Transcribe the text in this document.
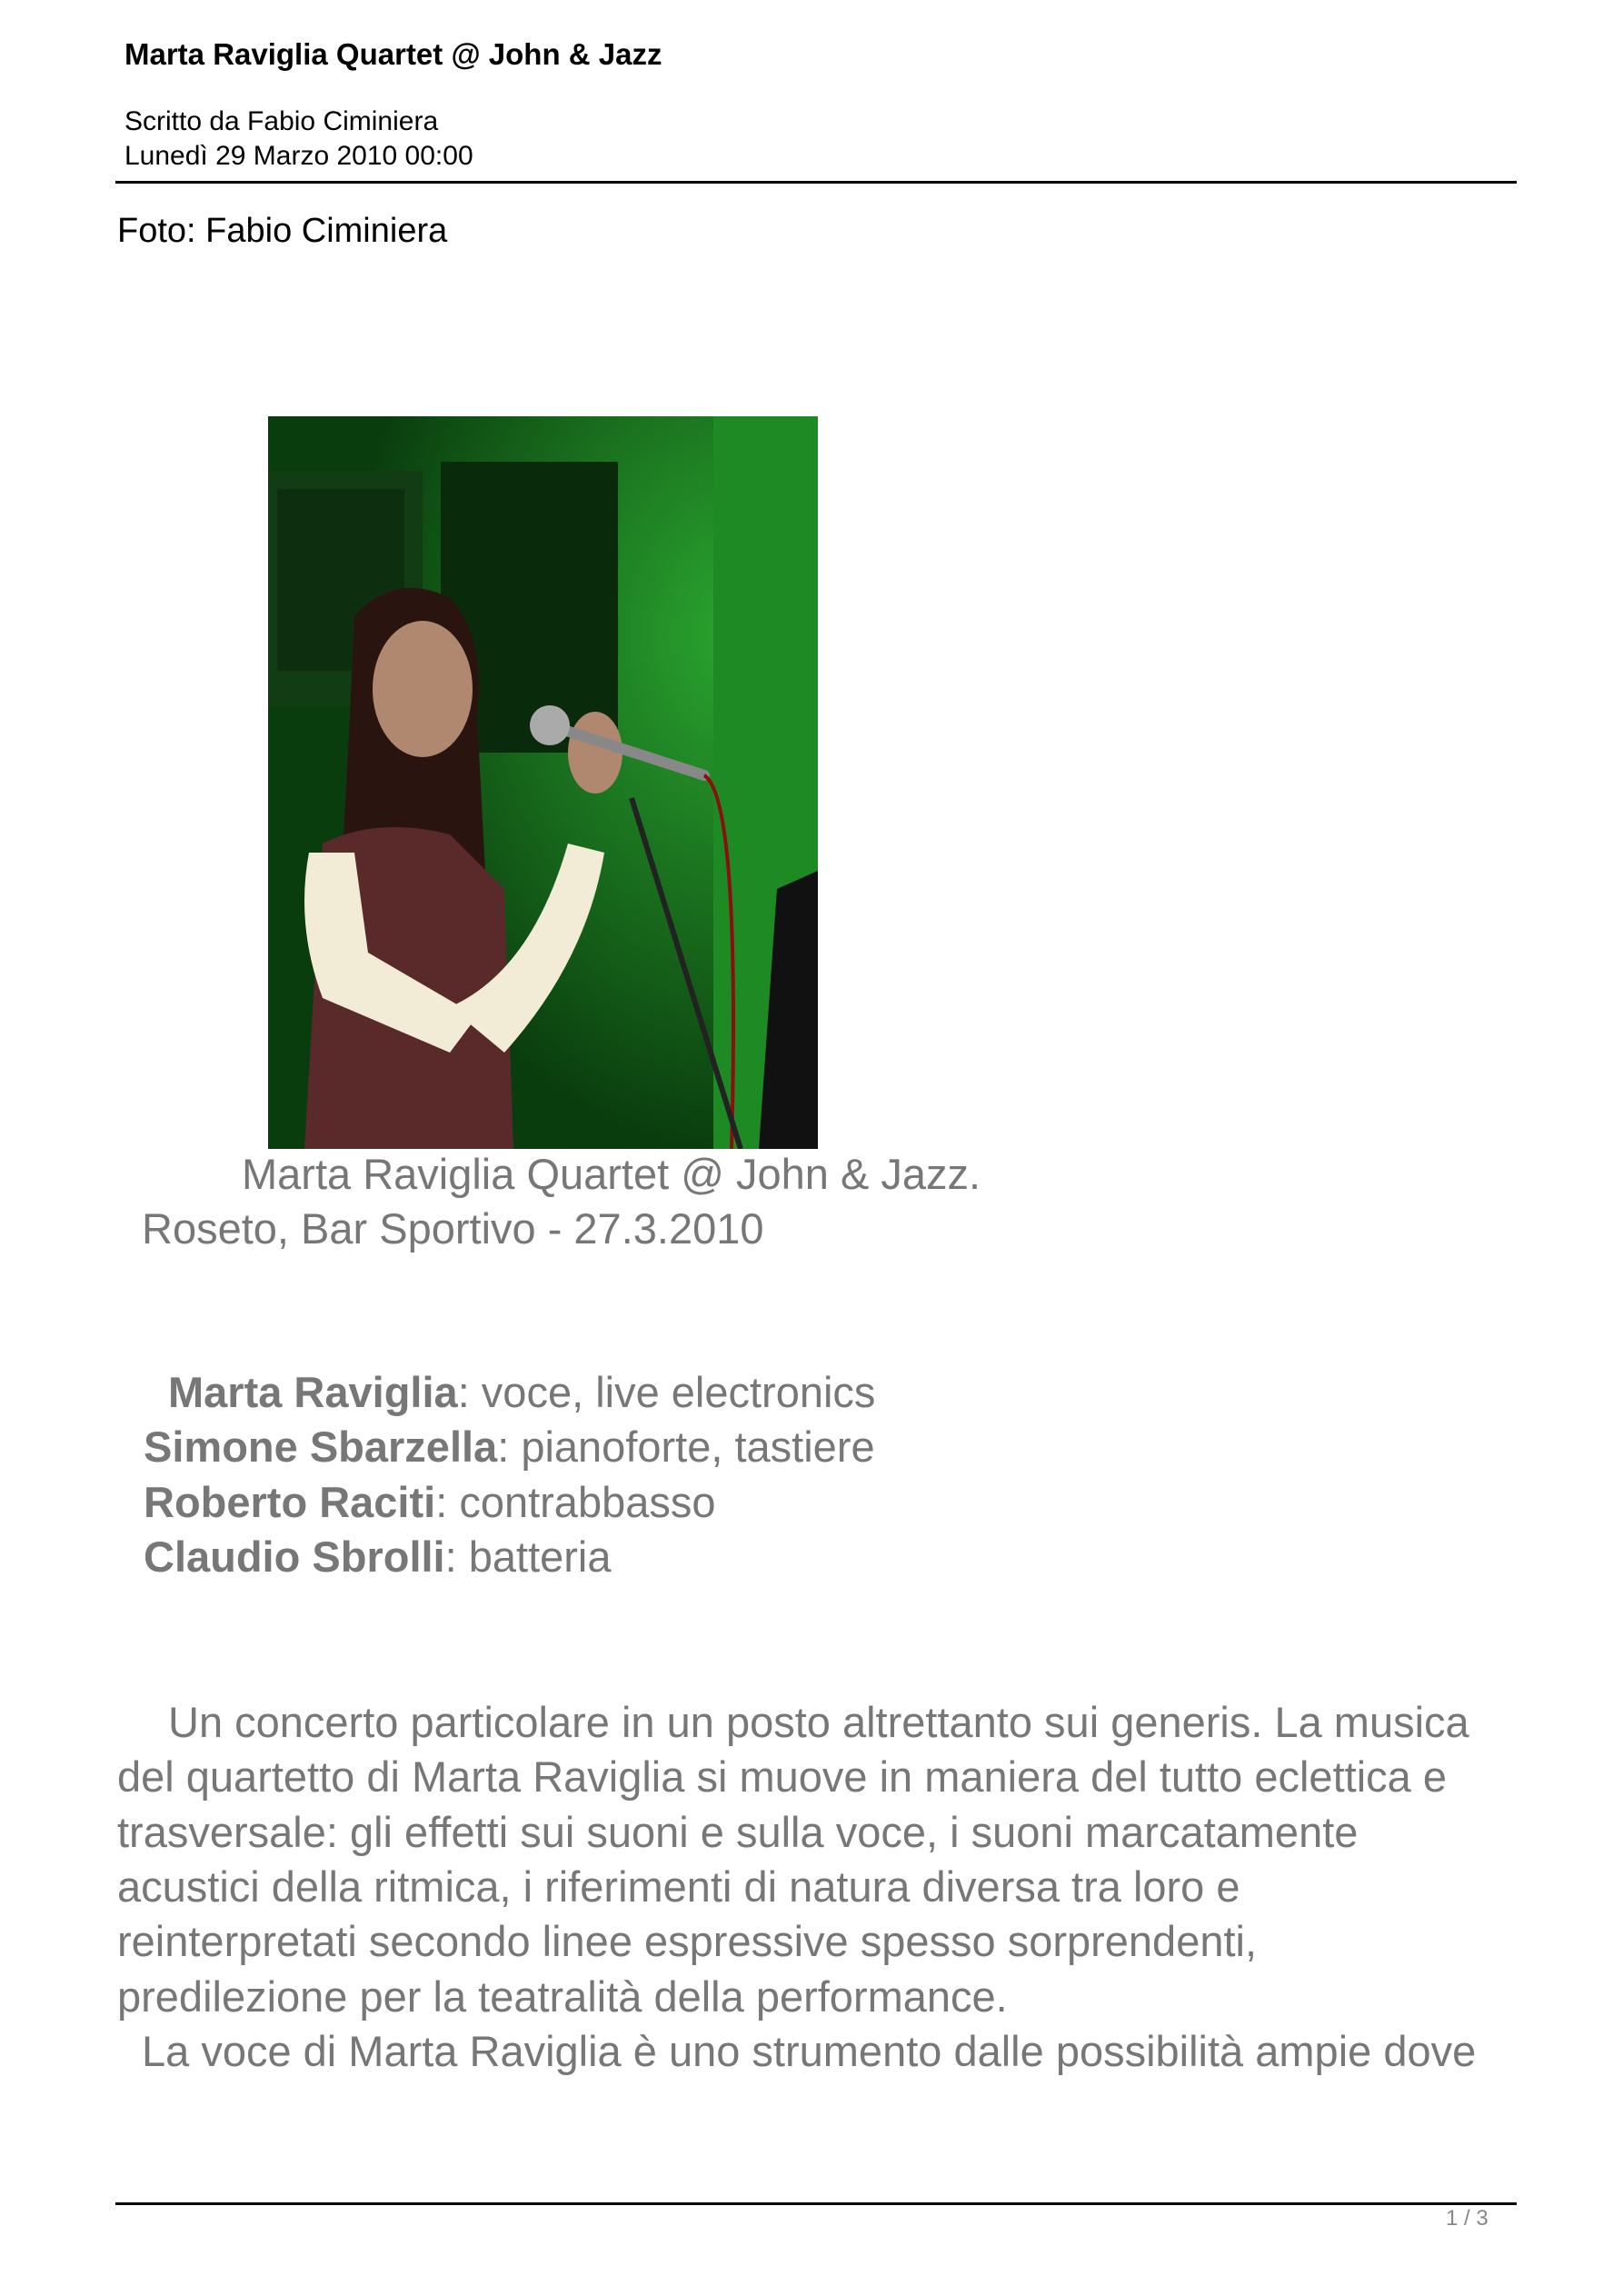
Marta Raviglia Quartet @ John & Jazz
Scritto da Fabio Ciminiera
Lunedì 29 Marzo 2010 00:00
Foto: Fabio Ciminiera
Marta Raviglia Quartet @ John & Jazz.
Roseto, Bar Sportivo - 27.3.2010
Marta Raviglia: voce, live electronics
Simone Sbarzella: pianoforte, tastiere
Roberto Raciti: contrabbasso
Claudio Sbrolli: batteria
Un concerto particolare in un posto altrettanto sui generis. La musica
del quartetto di Marta Raviglia si muove in maniera del tutto eclettica e
trasversale: gli effetti sui suoni e sulla voce, i suoni marcatamente
acustici della ritmica, i riferimenti di natura diversa tra loro e
reinterpretati secondo linee espressive spesso sorprendenti,
predilezione per la teatralità della performance.
La voce di Marta Raviglia è uno strumento dalle possibilità ampie dove
1 / 3
